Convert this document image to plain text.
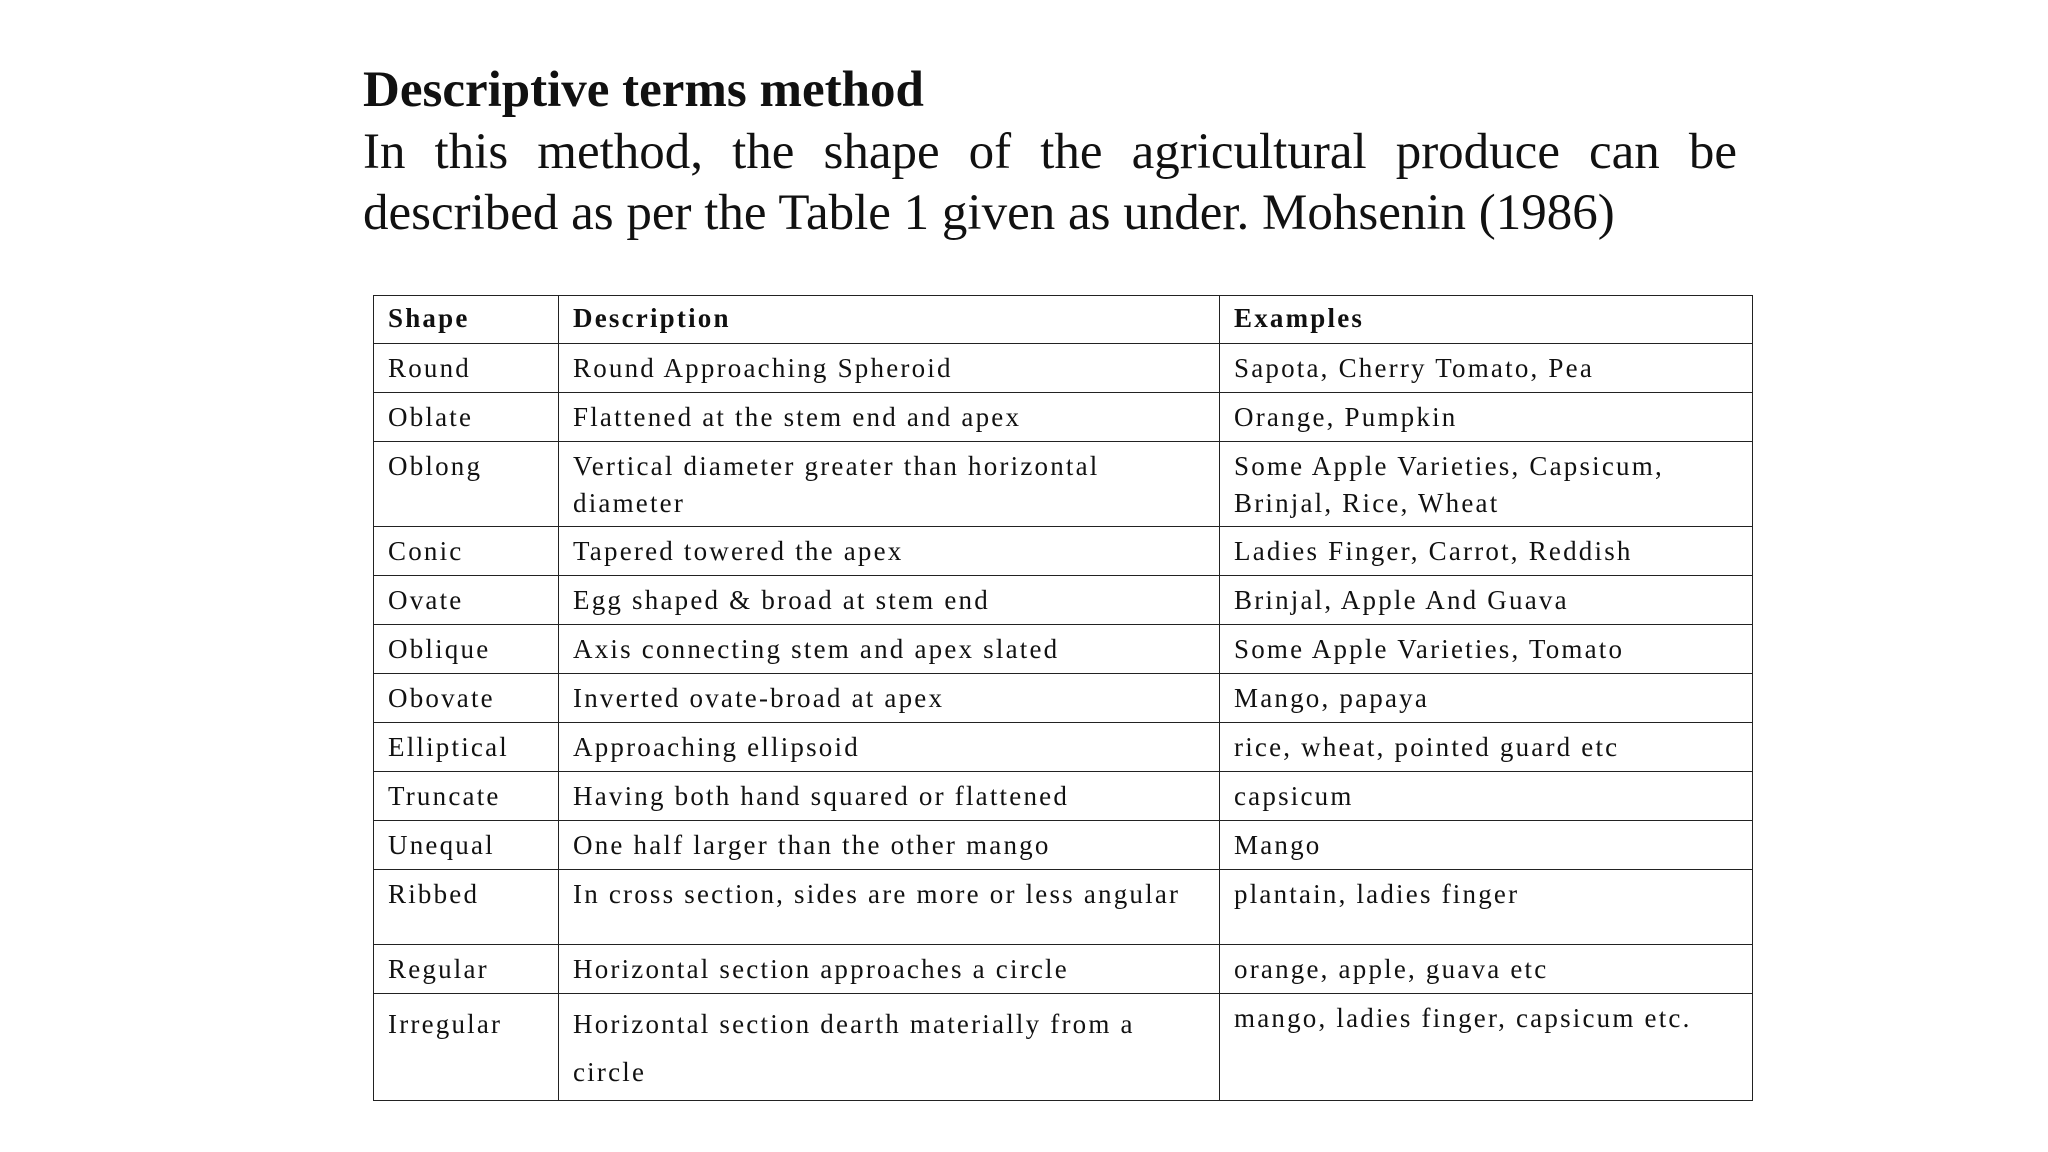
Descriptive terms method

In this method, the shape of the agricultural produce can be described as per the Table 1 given as under. Mohsenin (1986)

Shape	Description	Examples
Round	Round Approaching Spheroid	Sapota, Cherry Tomato, Pea
Oblate	Flattened at the stem end and apex	Orange, Pumpkin
Oblong	Vertical diameter greater than horizontal diameter	Some Apple Varieties, Capsicum, Brinjal, Rice, Wheat
Conic	Tapered towered the apex	Ladies Finger, Carrot, Reddish
Ovate	Egg shaped & broad at stem end	Brinjal, Apple And Guava
Oblique	Axis connecting stem and apex slated	Some Apple Varieties, Tomato
Obovate	Inverted ovate-broad at apex	Mango, papaya
Elliptical	Approaching ellipsoid	rice, wheat, pointed guard etc
Truncate	Having both hand squared or flattened	capsicum
Unequal	One half larger than the other mango	Mango
Ribbed	In cross section, sides are more or less angular	plantain, ladies finger
Regular	Horizontal section approaches a circle	orange, apple, guava etc
Irregular	Horizontal section dearth materially from a circle	mango, ladies finger, capsicum etc.
